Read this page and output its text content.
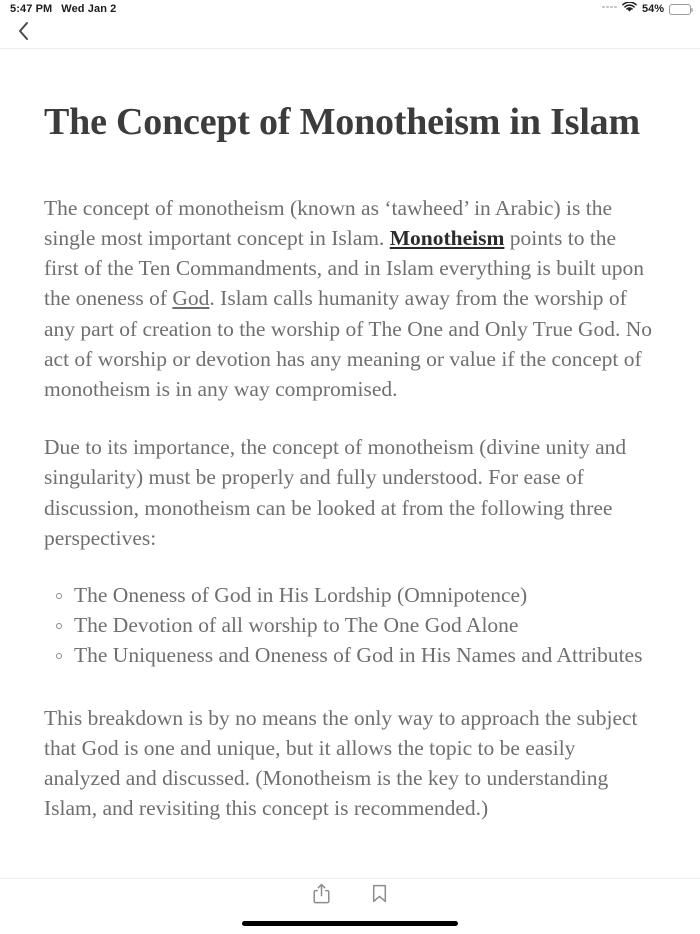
5:47 PM Wed Jan 2	54%
The Concept of Monotheism in Islam

The concept of monotheism (known as ‘tawheed’ in Arabic) is the single most important concept in Islam. Monotheism points to the first of the Ten Commandments, and in Islam everything is built upon the oneness of God. Islam calls humanity away from the worship of any part of creation to the worship of The One and Only True God. No act of worship or devotion has any meaning or value if the concept of monotheism is in any way compromised.

Due to its importance, the concept of monotheism (divine unity and singularity) must be properly and fully understood. For ease of discussion, monotheism can be looked at from the following three perspectives:

The Oneness of God in His Lordship (Omnipotence)
The Devotion of all worship to The One God Alone
The Uniqueness and Oneness of God in His Names and Attributes

This breakdown is by no means the only way to approach the subject that God is one and unique, but it allows the topic to be easily analyzed and discussed. (Monotheism is the key to understanding Islam, and revisiting this concept is recommended.)
